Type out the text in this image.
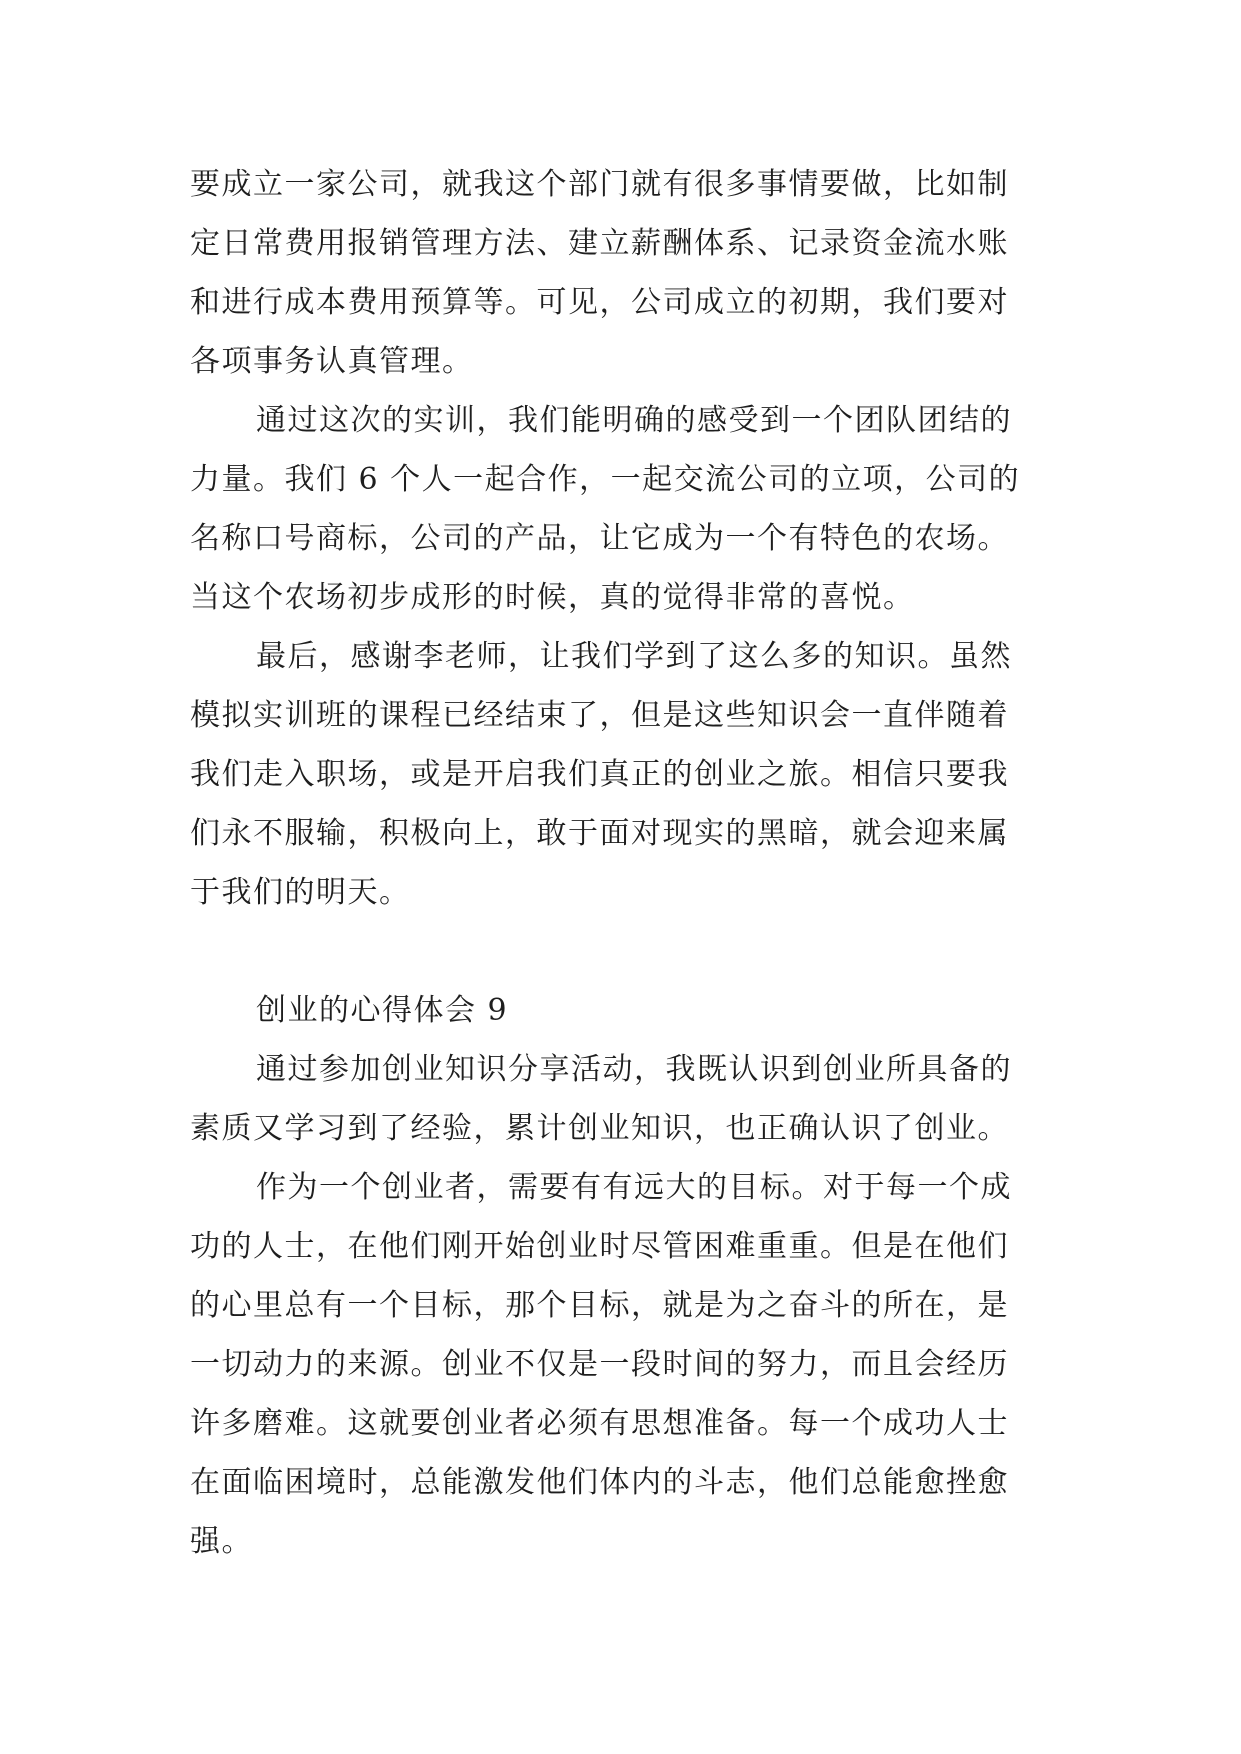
要成立一家公司，就我这个部门就有很多事情要做，比如制
定日常费用报销管理方法、建立薪酬体系、记录资金流水账
和进行成本费用预算等。可见，公司成立的初期，我们要对
各项事务认真管理。
通过这次的实训，我们能明确的感受到一个团队团结的
力量。我们 6 个人一起合作，一起交流公司的立项，公司的
名称口号商标，公司的产品，让它成为一个有特色的农场。
当这个农场初步成形的时候，真的觉得非常的喜悦。
最后，感谢李老师，让我们学到了这么多的知识。虽然
模拟实训班的课程已经结束了，但是这些知识会一直伴随着
我们走入职场，或是开启我们真正的创业之旅。相信只要我
们永不服输，积极向上，敢于面对现实的黑暗，就会迎来属
于我们的明天。
创业的心得体会 9
通过参加创业知识分享活动，我既认识到创业所具备的
素质又学习到了经验，累计创业知识，也正确认识了创业。
作为一个创业者，需要有有远大的目标。对于每一个成
功的人士，在他们刚开始创业时尽管困难重重。但是在他们
的心里总有一个目标，那个目标，就是为之奋斗的所在，是
一切动力的来源。创业不仅是一段时间的努力，而且会经历
许多磨难。这就要创业者必须有思想准备。每一个成功人士
在面临困境时，总能激发他们体内的斗志，他们总能愈挫愈
强。
